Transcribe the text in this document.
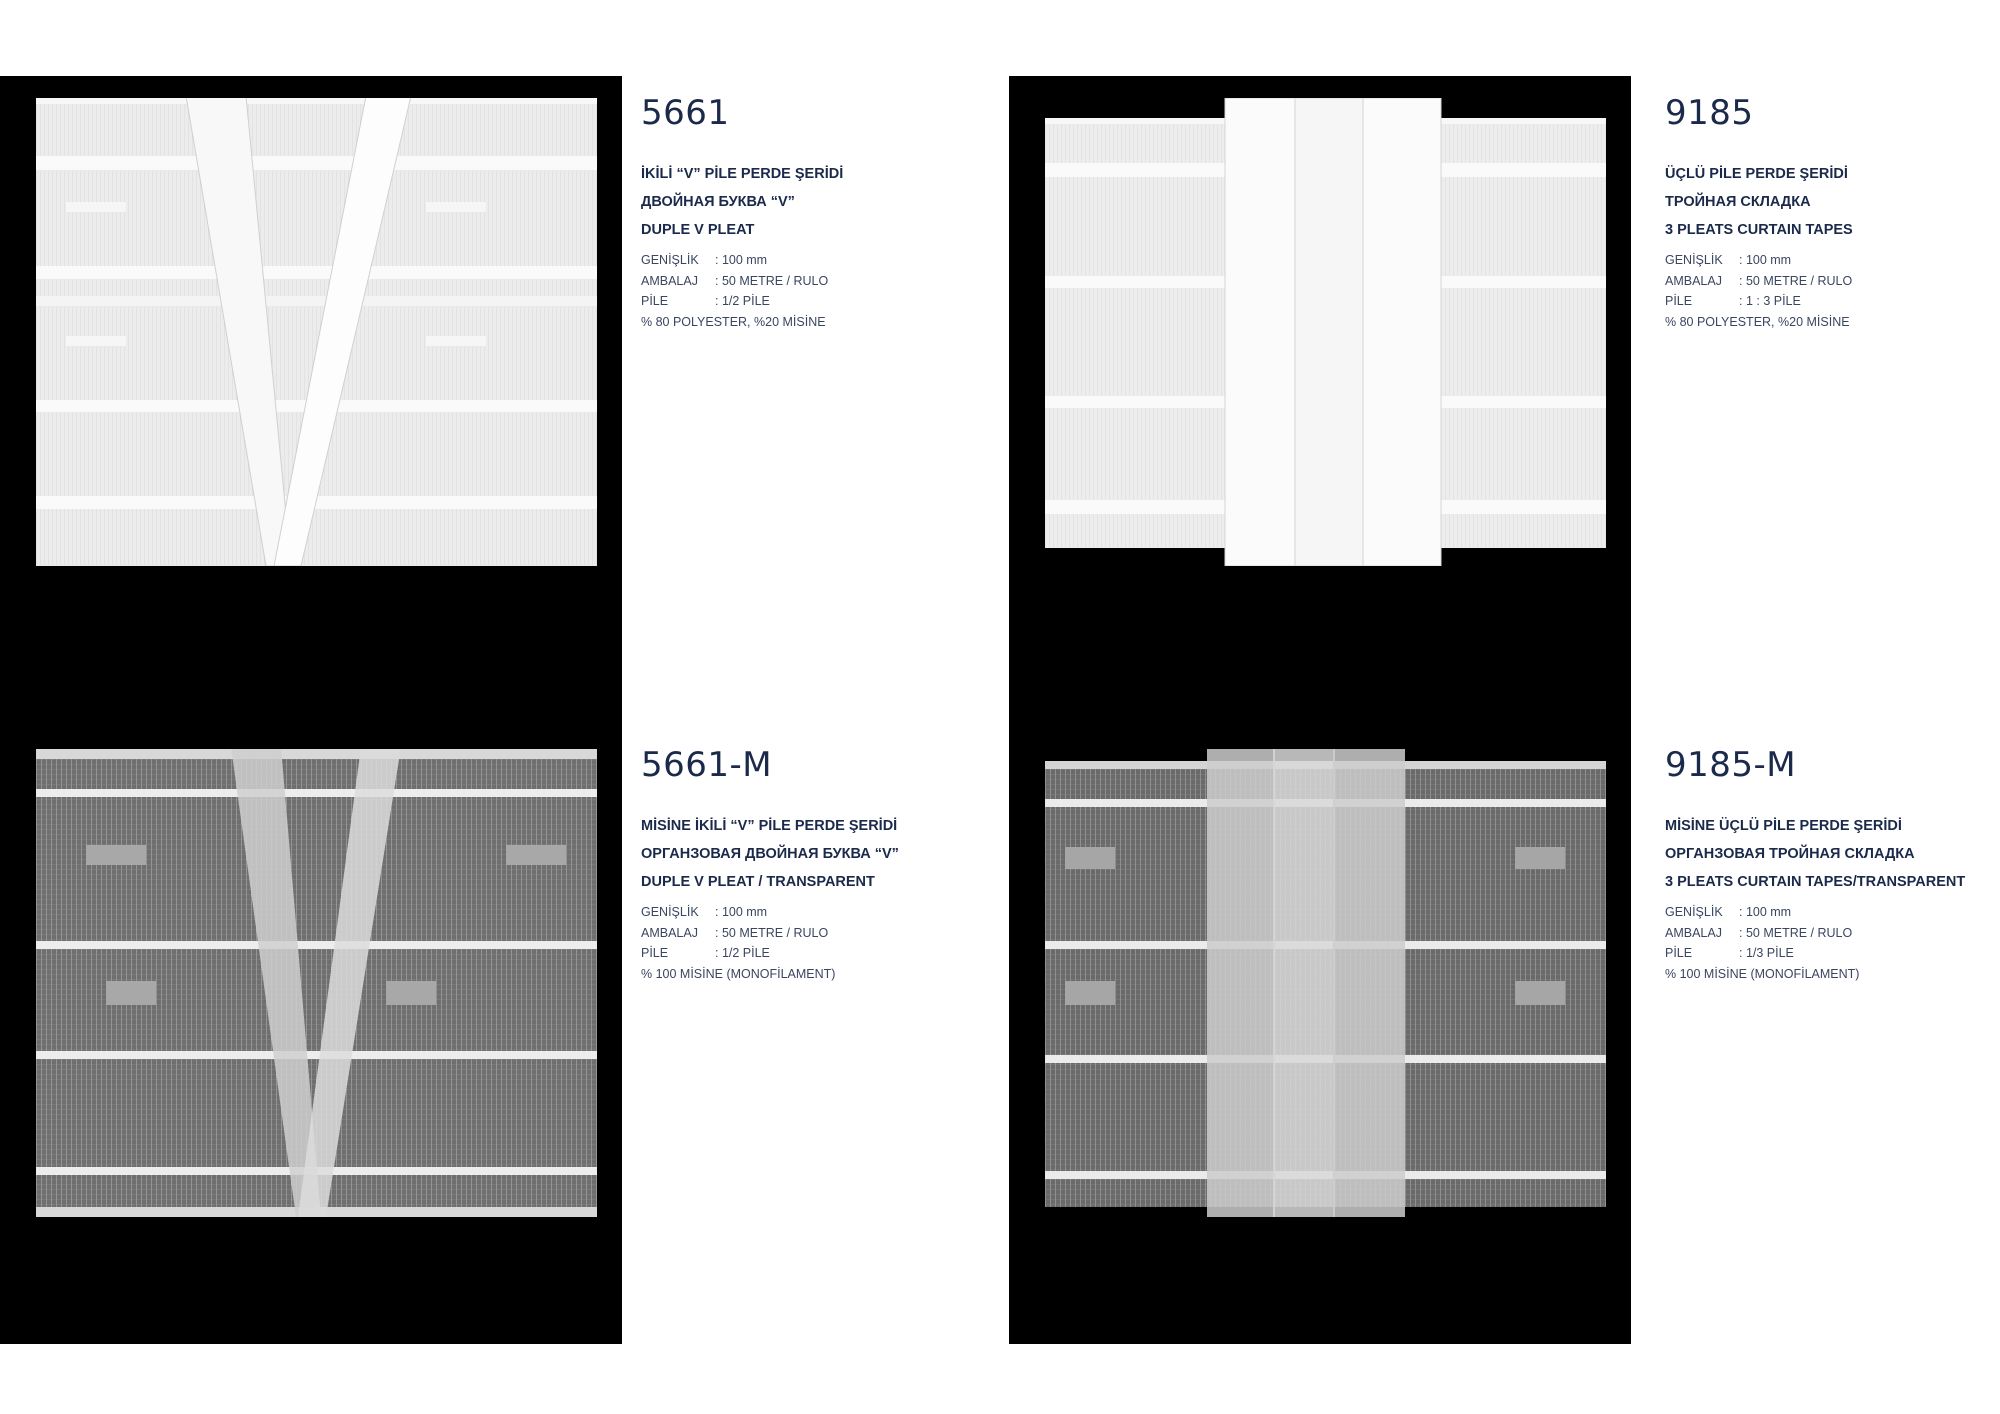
5661
İKİLİ “V” PİLE PERDE ŞERİDİ
ДВОЙНАЯ БУКВА “V”
DUPLE V PLEAT
GENİŞLİK	: 100 mm
AMBALAJ	: 50 METRE / RULO
PİLE	: 1/2 PİLE
% 80 POLYESTER, %20 MİSİNE
5661-M
MİSİNE İKİLİ “V” PİLE PERDE ŞERİDİ
ОРГАНЗОВАЯ ДВОЙНАЯ БУКВА “V”
DUPLE V PLEAT / TRANSPARENT
GENİŞLİK	: 100 mm
AMBALAJ	: 50 METRE / RULO
PİLE	: 1/2 PİLE
% 100 MİSİNE (MONOFİLAMENT)
9185
ÜÇLÜ PİLE PERDE ŞERİDİ
ТРОЙНАЯ СКЛАДКА
3 PLEATS CURTAIN TAPES
GENİŞLİK	: 100 mm
AMBALAJ	: 50 METRE / RULO
PİLE	: 1 : 3 PİLE
% 80 POLYESTER, %20 MİSİNE
9185-M
MİSİNE ÜÇLÜ PİLE PERDE ŞERİDİ
ОРГАНЗОВАЯ ТРОЙНАЯ СКЛАДКА
3 PLEATS CURTAIN TAPES/TRANSPARENT
GENİŞLİK	: 100 mm
AMBALAJ	: 50 METRE / RULO
PİLE	: 1/3 PİLE
% 100 MİSİNE (MONOFİLAMENT)
